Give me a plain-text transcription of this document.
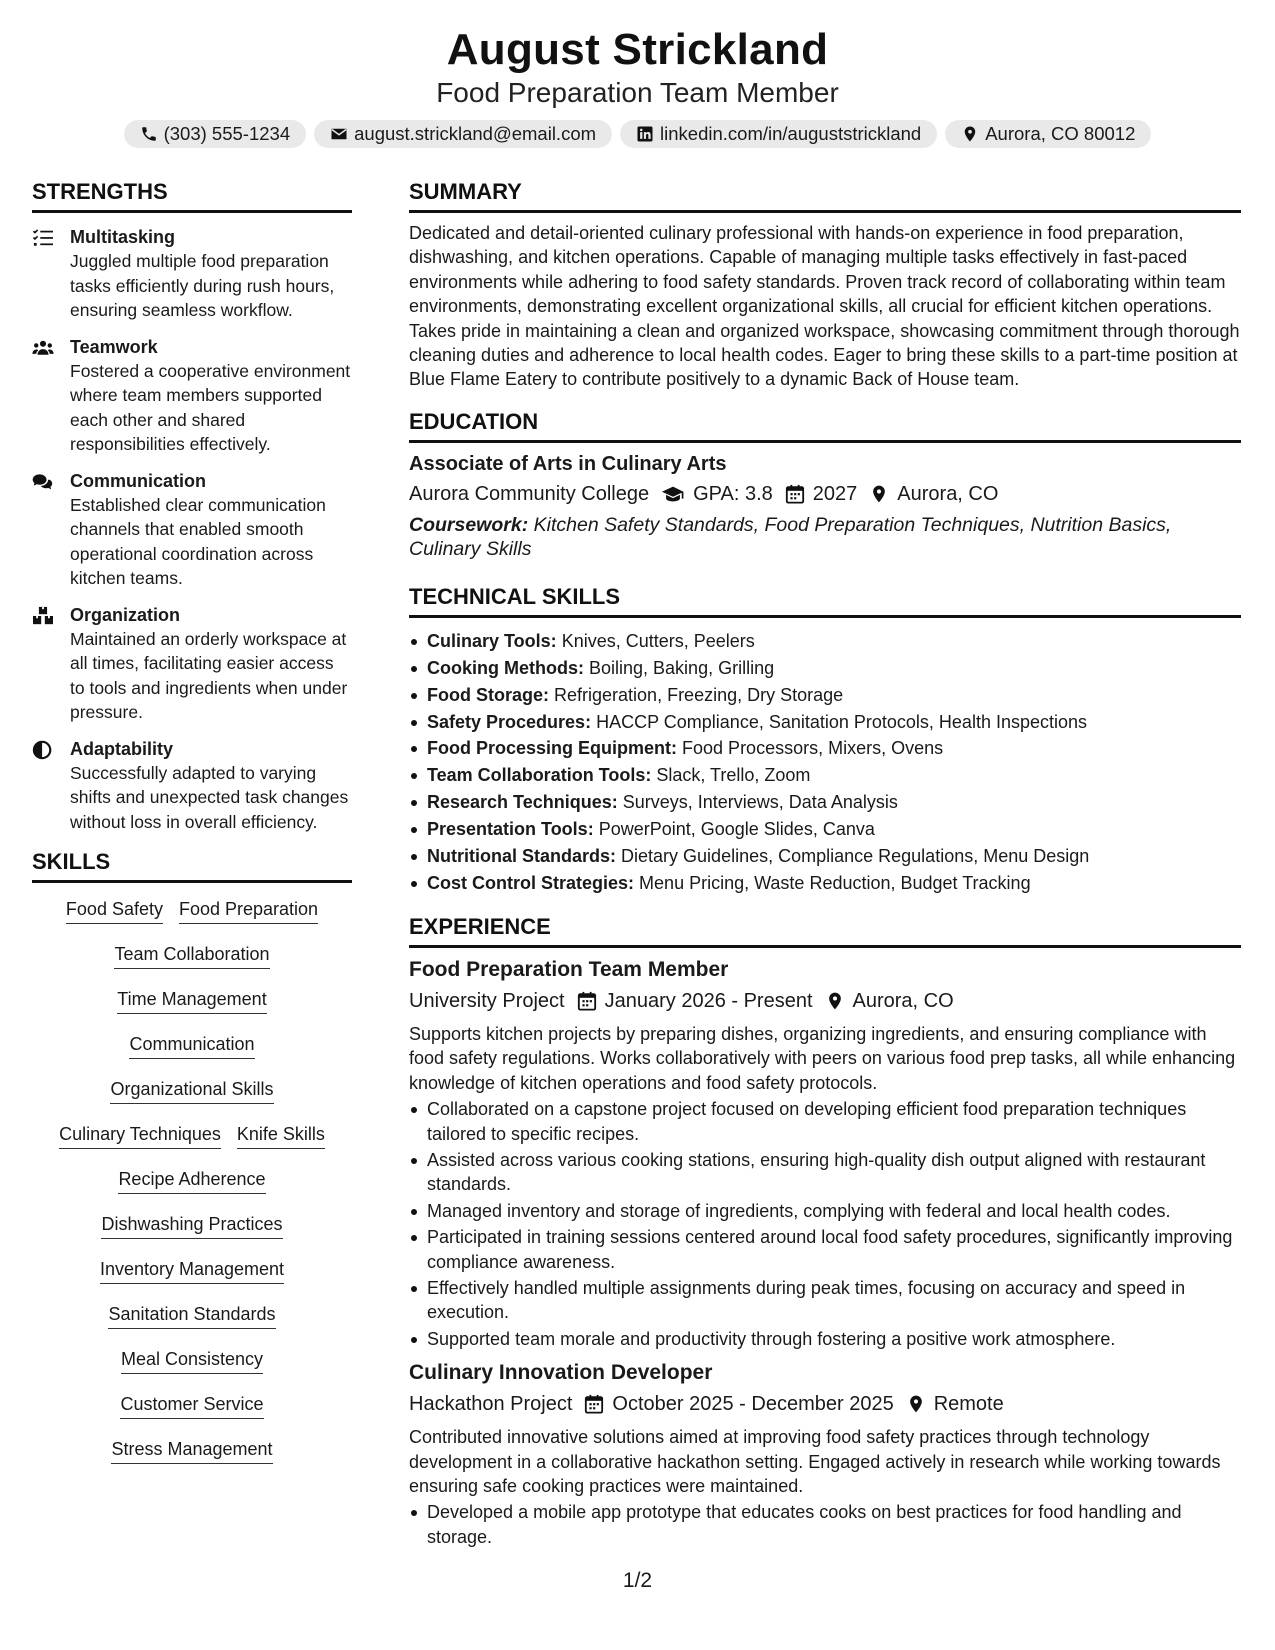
August Strickland
Food Preparation Team Member
(303) 555-1234	august.strickland@email.com	linkedin.com/in/auguststrickland	Aurora, CO 80012
STRENGTHS
Multitasking
Juggled multiple food preparation tasks efficiently during rush hours, ensuring seamless workflow.
Teamwork
Fostered a cooperative environment where team members supported each other and shared responsibilities effectively.
Communication
Established clear communication channels that enabled smooth operational coordination across kitchen teams.
Organization
Maintained an orderly workspace at all times, facilitating easier access to tools and ingredients when under pressure.
Adaptability
Successfully adapted to varying shifts and unexpected task changes without loss in overall efficiency.
SKILLS
Food Safety Food Preparation
Team Collaboration
Time Management
Communication
Organizational Skills
Culinary Techniques Knife Skills
Recipe Adherence
Dishwashing Practices
Inventory Management
Sanitation Standards
Meal Consistency
Customer Service
Stress Management
SUMMARY
Dedicated and detail-oriented culinary professional with hands-on experience in food preparation, dishwashing, and kitchen operations. Capable of managing multiple tasks effectively in fast-paced environments while adhering to food safety standards. Proven track record of collaborating within team environments, demonstrating excellent organizational skills, all crucial for efficient kitchen operations. Takes pride in maintaining a clean and organized workspace, showcasing commitment through thorough cleaning duties and adherence to local health codes. Eager to bring these skills to a part-time position at Blue Flame Eatery to contribute positively to a dynamic Back of House team.
EDUCATION
Associate of Arts in Culinary Arts
Aurora Community College GPA: 3.8 2027 Aurora, CO
Coursework: Kitchen Safety Standards, Food Preparation Techniques, Nutrition Basics, Culinary Skills
TECHNICAL SKILLS
Culinary Tools: Knives, Cutters, Peelers
Cooking Methods: Boiling, Baking, Grilling
Food Storage: Refrigeration, Freezing, Dry Storage
Safety Procedures: HACCP Compliance, Sanitation Protocols, Health Inspections
Food Processing Equipment: Food Processors, Mixers, Ovens
Team Collaboration Tools: Slack, Trello, Zoom
Research Techniques: Surveys, Interviews, Data Analysis
Presentation Tools: PowerPoint, Google Slides, Canva
Nutritional Standards: Dietary Guidelines, Compliance Regulations, Menu Design
Cost Control Strategies: Menu Pricing, Waste Reduction, Budget Tracking
EXPERIENCE
Food Preparation Team Member
University Project January 2026 - Present Aurora, CO
Supports kitchen projects by preparing dishes, organizing ingredients, and ensuring compliance with food safety regulations. Works collaboratively with peers on various food prep tasks, all while enhancing knowledge of kitchen operations and food safety protocols.
Collaborated on a capstone project focused on developing efficient food preparation techniques tailored to specific recipes.
Assisted across various cooking stations, ensuring high-quality dish output aligned with restaurant standards.
Managed inventory and storage of ingredients, complying with federal and local health codes.
Participated in training sessions centered around local food safety procedures, significantly improving compliance awareness.
Effectively handled multiple assignments during peak times, focusing on accuracy and speed in execution.
Supported team morale and productivity through fostering a positive work atmosphere.
Culinary Innovation Developer
Hackathon Project October 2025 - December 2025 Remote
Contributed innovative solutions aimed at improving food safety practices through technology development in a collaborative hackathon setting. Engaged actively in research while working towards ensuring safe cooking practices were maintained.
Developed a mobile app prototype that educates cooks on best practices for food handling and storage.
1/2
